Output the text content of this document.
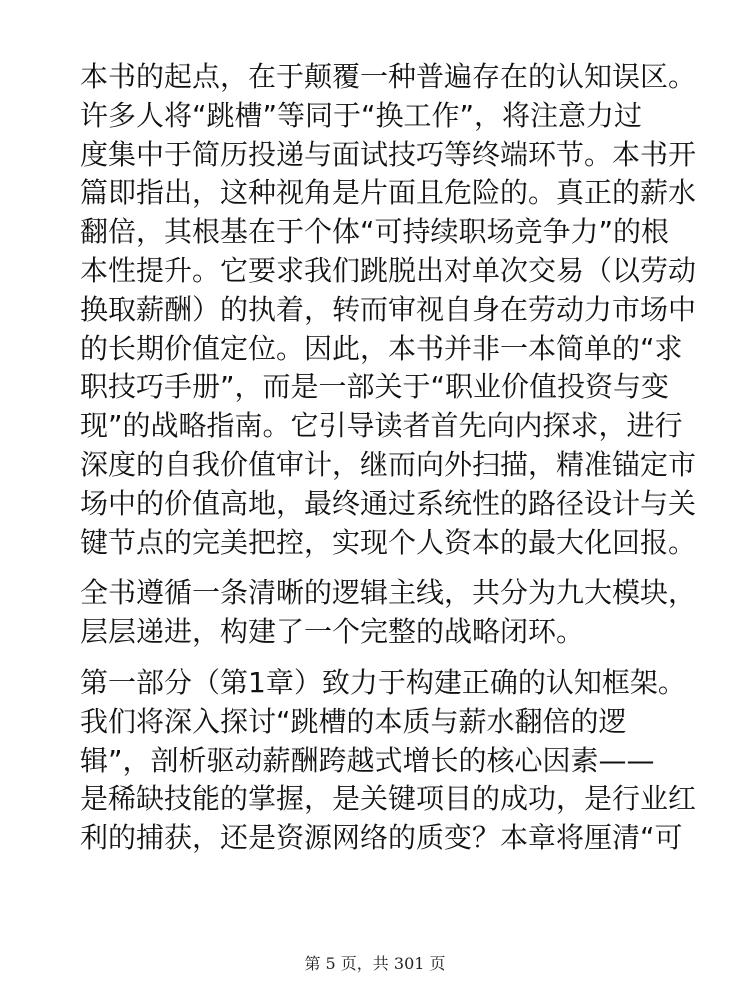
本书的起点，在于颠覆一种普遍存在的认知误区。
许多人将“跳槽”等同于“换工作”，将注意力过
度集中于简历投递与面试技巧等终端环节。本书开
篇即指出，这种视角是片面且危险的。真正的薪水
翻倍，其根基在于个体“可持续职场竞争力”的根
本性提升。它要求我们跳脱出对单次交易（以劳动
换取薪酬）的执着，转而审视自身在劳动力市场中
的长期价值定位。因此，本书并非一本简单的“求
职技巧手册”，而是一部关于“职业价值投资与变
现”的战略指南。它引导读者首先向内探求，进行
深度的自我价值审计，继而向外扫描，精准锚定市
场中的价值高地，最终通过系统性的路径设计与关
键节点的完美把控，实现个人资本的最大化回报。

全书遵循一条清晰的逻辑主线，共分为九大模块，
层层递进，构建了一个完整的战略闭环。

第一部分（第1章）致力于构建正确的认知框架。
我们将深入探讨“跳槽的本质与薪水翻倍的逻
辑”，剖析驱动薪酬跨越式增长的核心因素——
是稀缺技能的掌握，是关键项目的成功，是行业红
利的捕获，还是资源网络的质变？本章将厘清“可

第 5 页，共 301 页
